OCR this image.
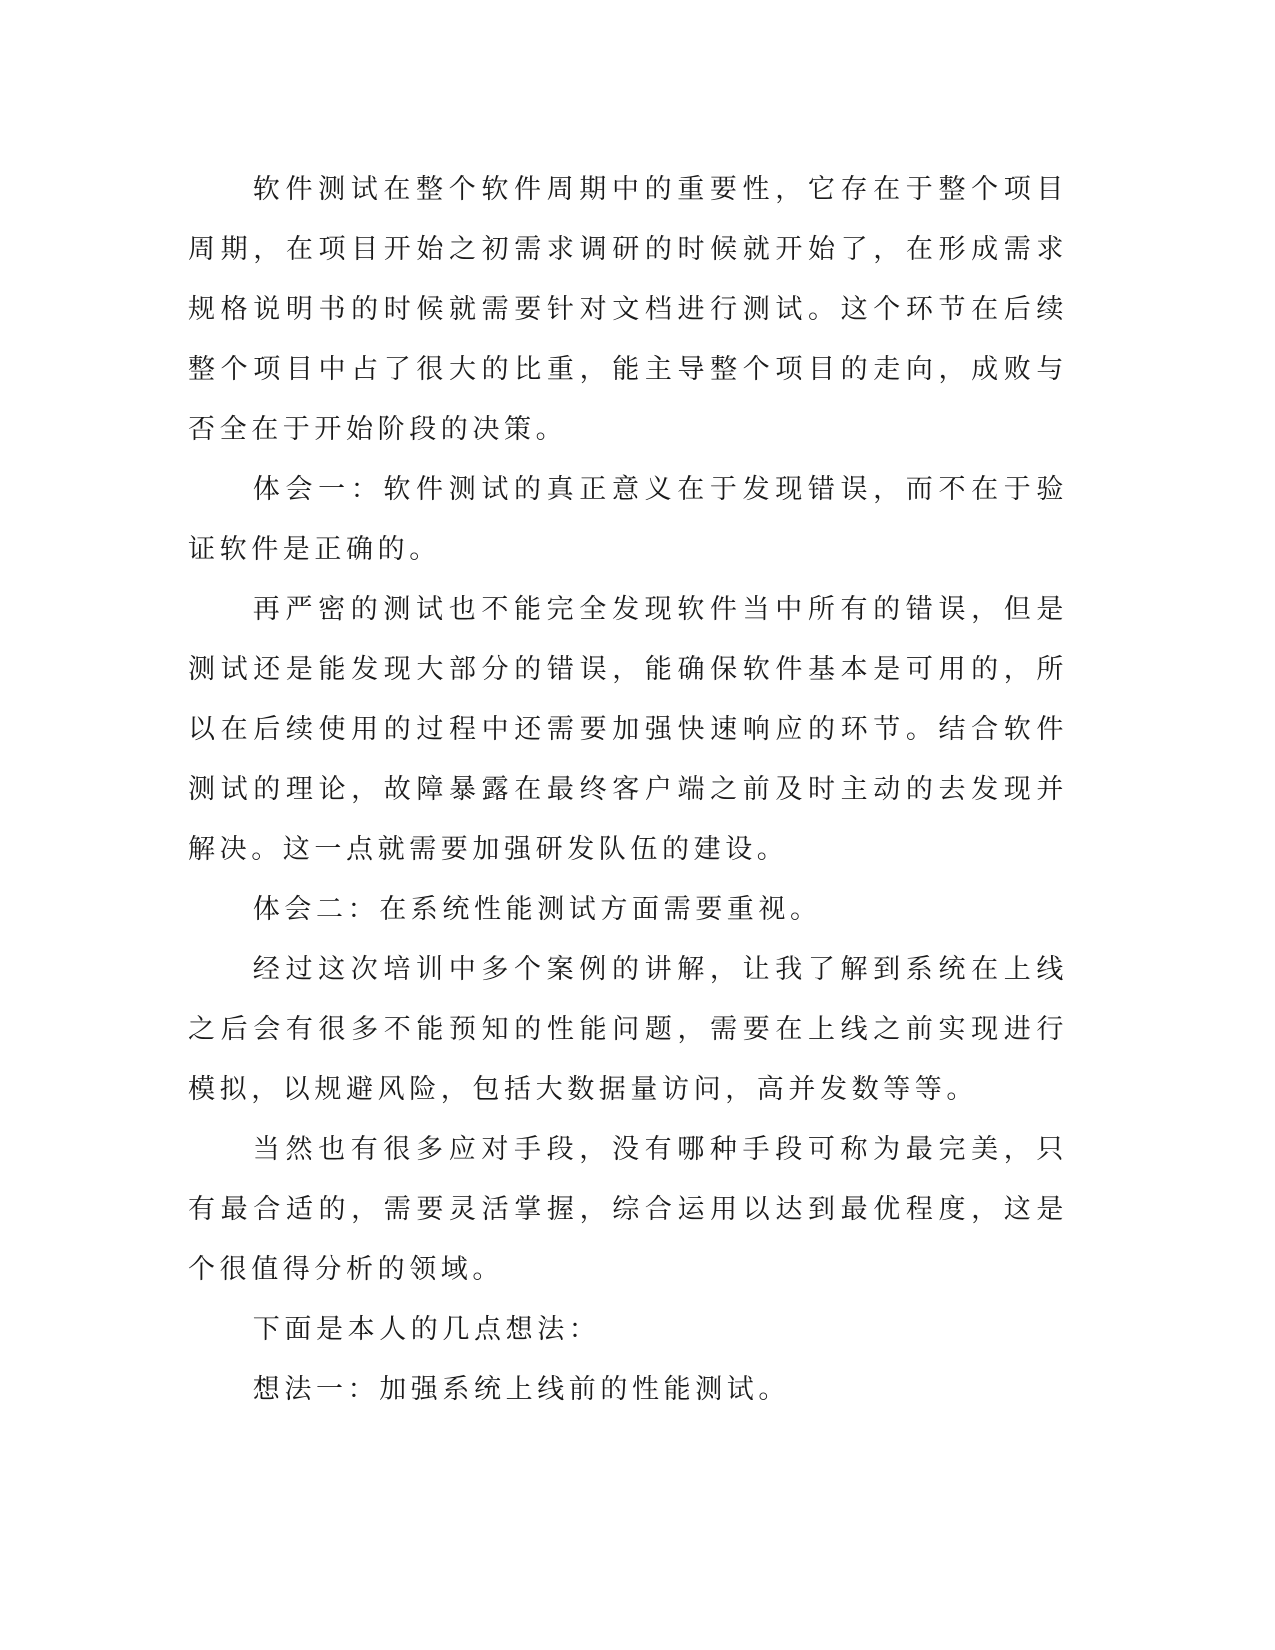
软件测试在整个软件周期中的重要性，它存在于整个项目周期，在项目开始之初需求调研的时候就开始了，在形成需求规格说明书的时候就需要针对文档进行测试。这个环节在后续整个项目中占了很大的比重，能主导整个项目的走向，成败与否全在于开始阶段的决策。

体会一：软件测试的真正意义在于发现错误，而不在于验证软件是正确的。

再严密的测试也不能完全发现软件当中所有的错误，但是测试还是能发现大部分的错误，能确保软件基本是可用的，所以在后续使用的过程中还需要加强快速响应的环节。结合软件测试的理论，故障暴露在最终客户端之前及时主动的去发现并解决。这一点就需要加强研发队伍的建设。

体会二：在系统性能测试方面需要重视。

经过这次培训中多个案例的讲解，让我了解到系统在上线之后会有很多不能预知的性能问题，需要在上线之前实现进行模拟，以规避风险，包括大数据量访问，高并发数等等。

当然也有很多应对手段，没有哪种手段可称为最完美，只有最合适的，需要灵活掌握，综合运用以达到最优程度，这是个很值得分析的领域。

下面是本人的几点想法：

想法一：加强系统上线前的性能测试。
